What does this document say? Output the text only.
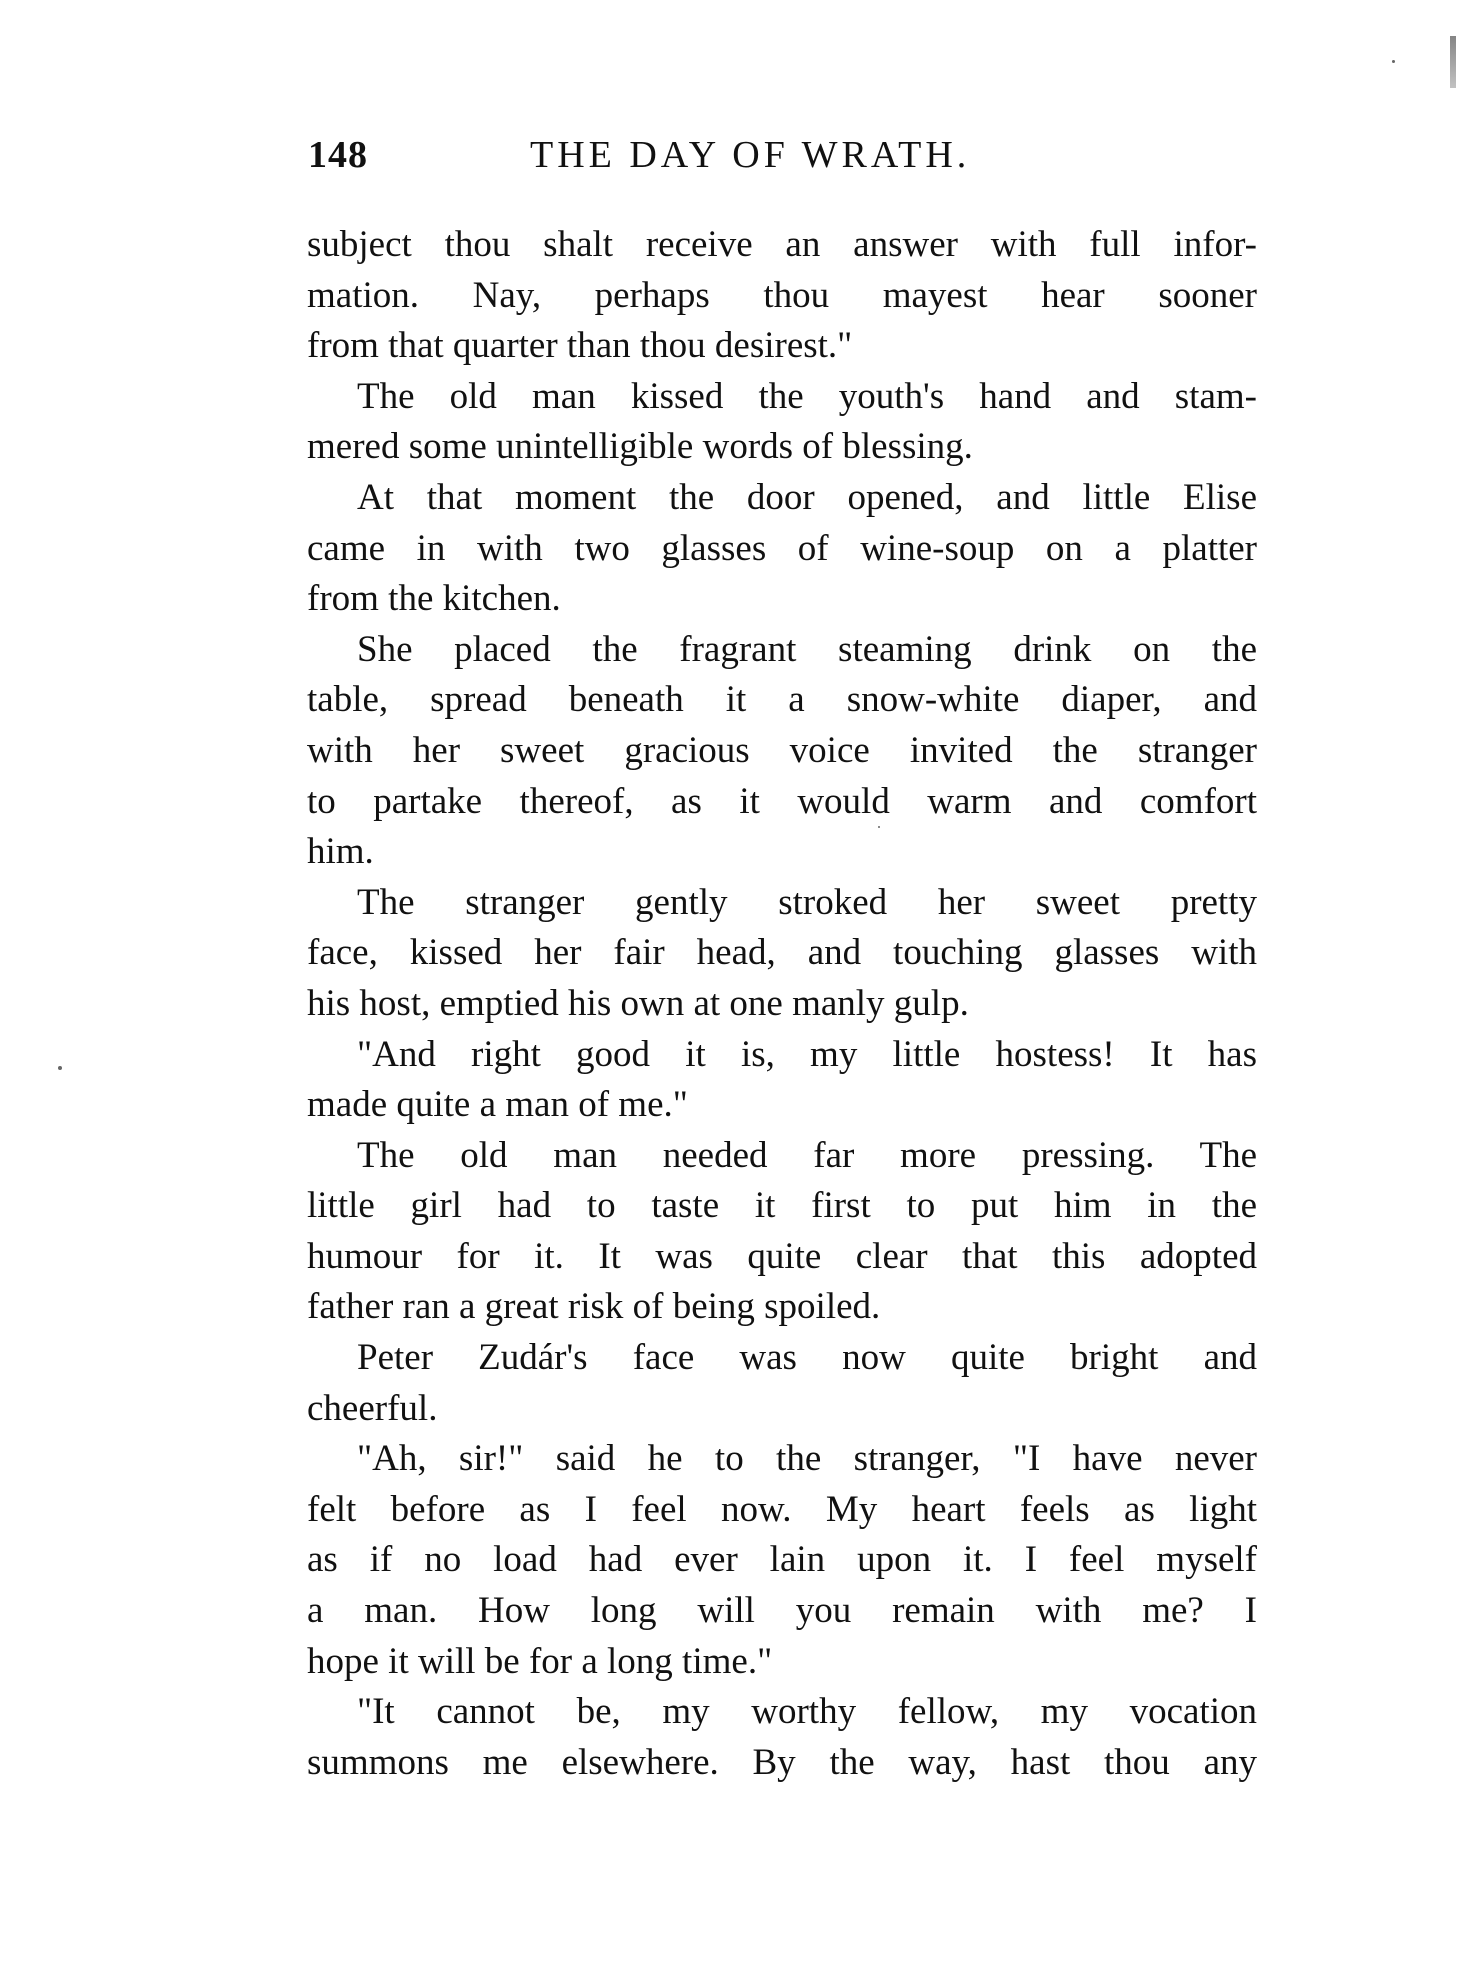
148	THE DAY OF WRATH.
subject thou shalt receive an answer with full infor-
mation. Nay, perhaps thou mayest hear sooner
from that quarter than thou desirest."
The old man kissed the youth's hand and stam-
mered some unintelligible words of blessing.
At that moment the door opened, and little Elise
came in with two glasses of wine-soup on a platter
from the kitchen.
She placed the fragrant steaming drink on the
table, spread beneath it a snow-white diaper, and
with her sweet gracious voice invited the stranger
to partake thereof, as it would warm and comfort
him.
The stranger gently stroked her sweet pretty
face, kissed her fair head, and touching glasses with
his host, emptied his own at one manly gulp.
"And right good it is, my little hostess! It has
made quite a man of me."
The old man needed far more pressing. The
little girl had to taste it first to put him in the
humour for it. It was quite clear that this adopted
father ran a great risk of being spoiled.
Peter Zudár's face was now quite bright and
cheerful.
"Ah, sir!" said he to the stranger, "I have never
felt before as I feel now. My heart feels as light
as if no load had ever lain upon it. I feel myself
a man. How long will you remain with me? I
hope it will be for a long time."
"It cannot be, my worthy fellow, my vocation
summons me elsewhere. By the way, hast thou any
